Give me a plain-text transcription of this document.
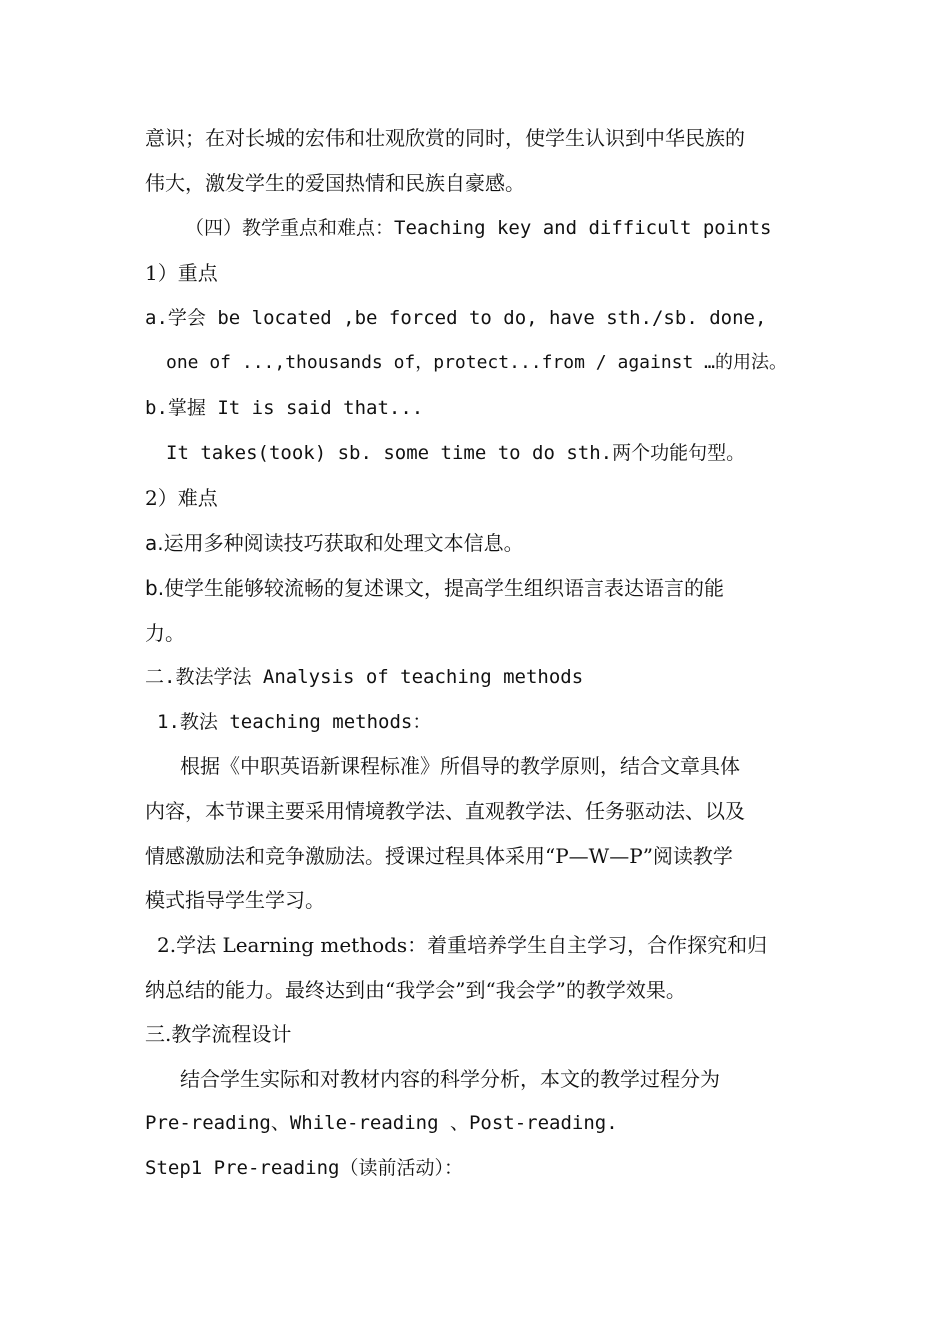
意识；在对长城的宏伟和壮观欣赏的同时，使学生认识到中华民族的
伟大，激发学生的爱国热情和民族自豪感。
（四）教学重点和难点：Teaching key and difficult points
1）重点
a.学会 be located ,be forced to do, have sth./sb. done,
one of ...,thousands of，protect...from / against …的用法。
b.掌握 It is said that...
It takes(took) sb. some time to do sth.两个功能句型。
2）难点
a.运用多种阅读技巧获取和处理文本信息。
b.使学生能够较流畅的复述课文，提高学生组织语言表达语言的能
力。
二.教法学法 Analysis of teaching methods
1.教法 teaching methods：
根据《中职英语新课程标准》所倡导的教学原则，结合文章具体
内容，本节课主要采用情境教学法、直观教学法、任务驱动法、以及
情感激励法和竞争激励法。授课过程具体采用“P—W—P”阅读教学
模式指导学生学习。
2.学法 Learning methods：着重培养学生自主学习，合作探究和归
纳总结的能力。最终达到由“我学会”到“我会学”的教学效果。
三.教学流程设计
结合学生实际和对教材内容的科学分析，本文的教学过程分为
Pre-reading、While-reading 、Post-reading.
Step1 Pre-reading（读前活动）：
